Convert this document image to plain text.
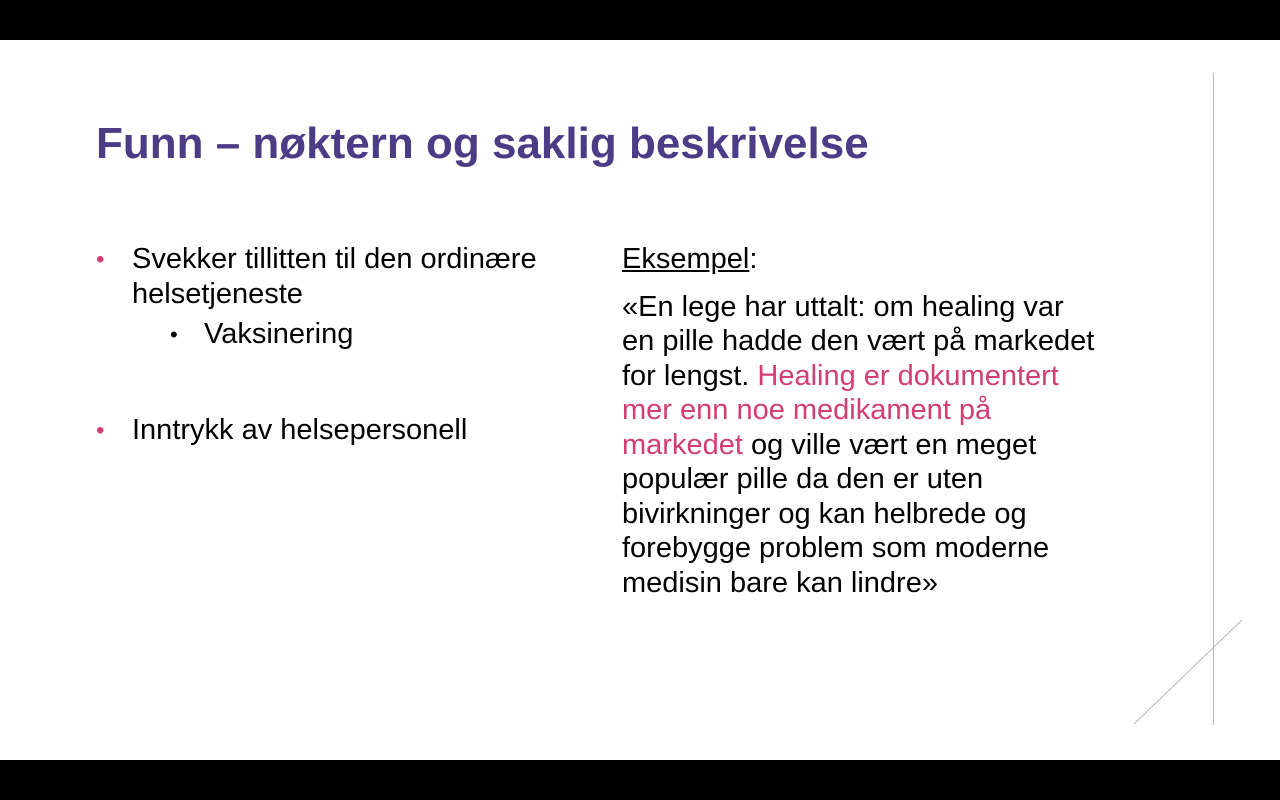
Funn – nøktern og saklig beskrivelse
• Svekker tillitten til den ordinære helsetjeneste
• Vaksinering
• Inntrykk av helsepersonell
Eksempel:
«En lege har uttalt: om healing var en pille hadde den vært på markedet for lengst. Healing er dokumentert mer enn noe medikament på markedet og ville vært en meget populær pille da den er uten bivirkninger og kan helbrede og forebygge problem som moderne medisin bare kan lindre»
